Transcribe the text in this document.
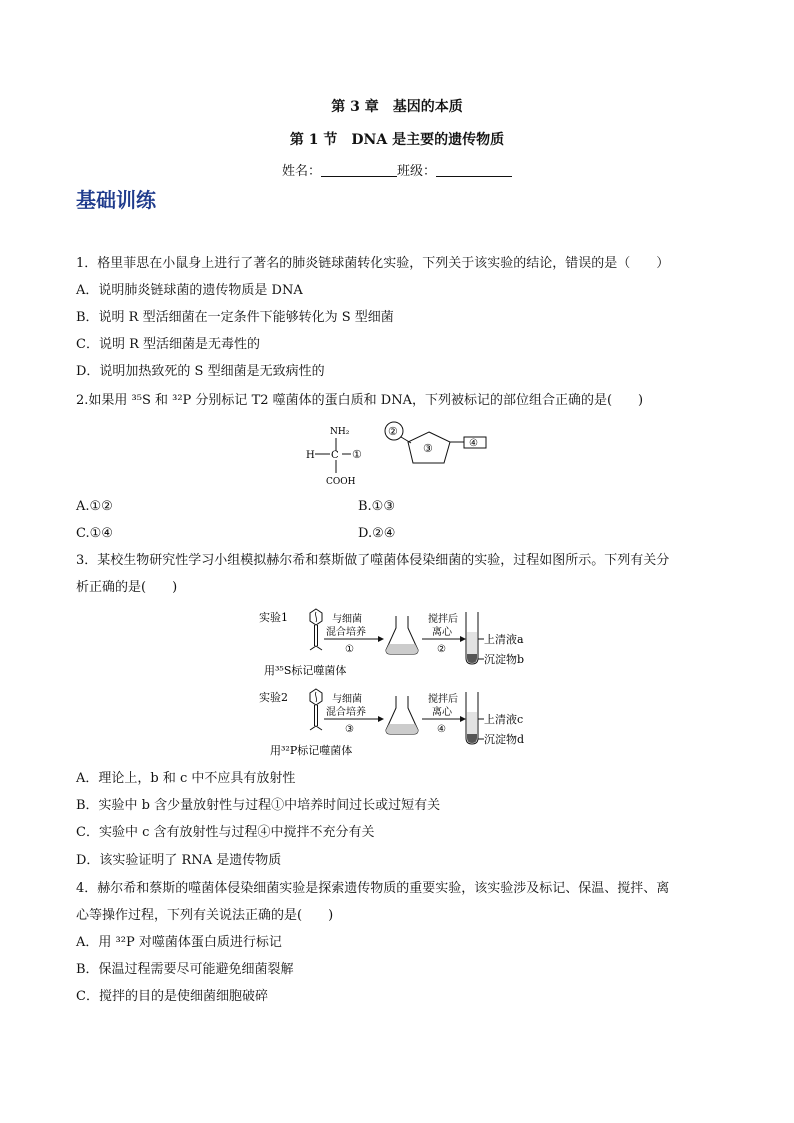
第 3 章　基因的本质
第 1 节　DNA 是主要的遗传物质
姓名：	班级：
基础训练
1．格里菲思在小鼠身上进行了著名的肺炎链球菌转化实验，下列关于该实验的结论，错误的是（　　）
A．说明肺炎链球菌的遗传物质是 DNA
B．说明 R 型活细菌在一定条件下能够转化为 S 型细菌
C．说明 R 型活细菌是无毒性的
D．说明加热致死的 S 型细菌是无致病性的
2.如果用 ³⁵S 和 ³²P 分别标记 T2 噬菌体的蛋白质和 DNA，下列被标记的部位组合正确的是(　　)
NH₂
H C ①
COOH
②
③	④
A.①②	B.①③
C.①④	D.②④
3．某校生物研究性学习小组模拟赫尔希和蔡斯做了噬菌体侵染细菌的实验，过程如图所示。下列有关分
析正确的是(　　)
实验1
用³⁵S标记噬菌体
与细菌
混合培养
①
搅拌后
离心
②
上清液a
沉淀物b
实验2
用³²P标记噬菌体
与细菌
混合培养
③
搅拌后
离心
④
上清液c
沉淀物d
A．理论上，b 和 c 中不应具有放射性
B．实验中 b 含少量放射性与过程①中培养时间过长或过短有关
C．实验中 c 含有放射性与过程④中搅拌不充分有关
D．该实验证明了 RNA 是遗传物质
4．赫尔希和蔡斯的噬菌体侵染细菌实验是探索遗传物质的重要实验，该实验涉及标记、保温、搅拌、离
心等操作过程，下列有关说法正确的是(　　)
A．用 ³²P 对噬菌体蛋白质进行标记
B．保温过程需要尽可能避免细菌裂解
C．搅拌的目的是使细菌细胞破碎
